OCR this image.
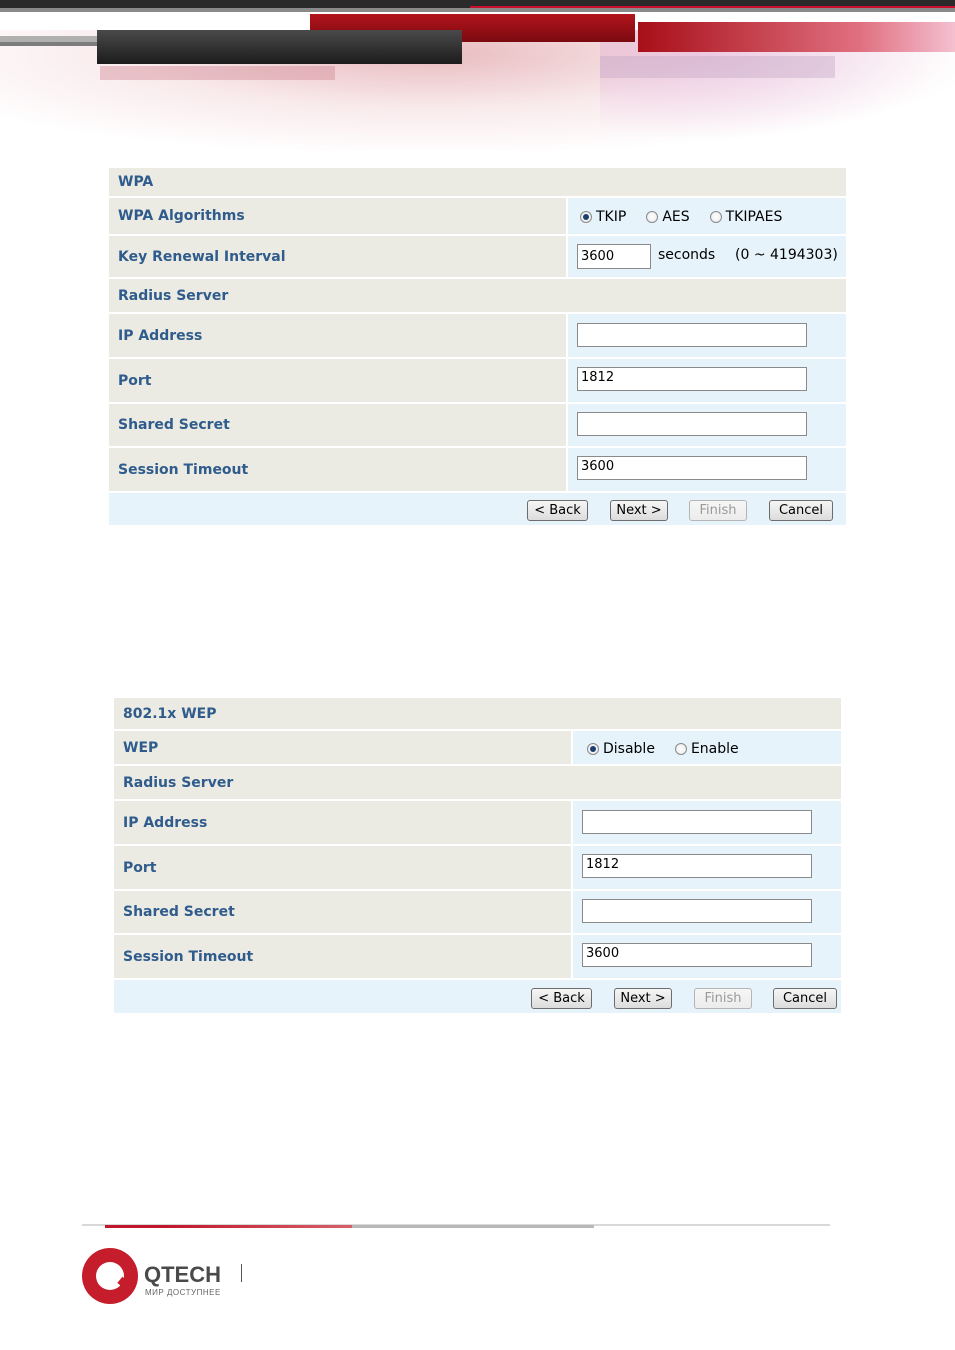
WPA
WPA Algorithms	TKIP	AES	TKIPAES
Key Renewal Interval	3600	seconds (0 ~ 4194303)
Radius Server
IP Address
Port	1812
Shared Secret
Session Timeout	3600
< Back	Next >	Finish	Cancel
802.1x WEP
WEP	Disable	Enable
Radius Server
IP Address
Port	1812
Shared Secret
Session Timeout	3600
< Back	Next >	Finish	Cancel
QTECH
МИР ДОСТУПНЕЕ
